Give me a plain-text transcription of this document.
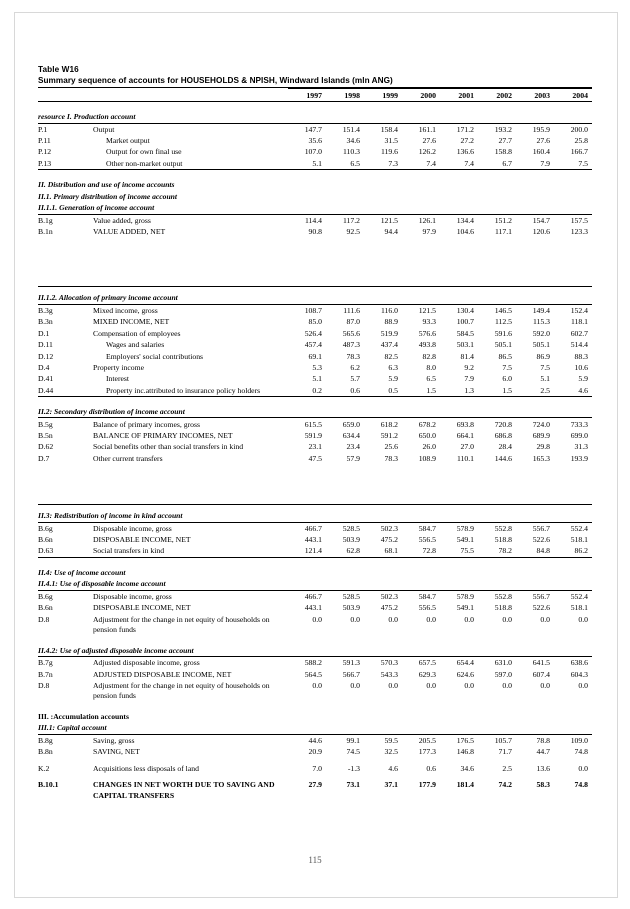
Table W16
Summary sequence of accounts for HOUSEHOLDS & NPISH, Windward Islands (mln ANG)
		1997	1998	1999	2000	2001	2002	2003	2004

resource I. Production account									
P.1	Output	147.7	151.4	158.4	161.1	171.2	193.2	195.9	200.0
P.11	Market output	35.6	34.6	31.5	27.6	27.2	27.7	27.6	25.8
P.12	Output for own final use	107.0	110.3	119.6	126.2	136.6	158.8	160.4	166.7
P.13	Other non-market output	5.1	6.5	7.3	7.4	7.4	6.7	7.9	7.5

II. Distribution and use of income accounts									
II.1. Primary distribution of income account									
II.1.1. Generation of income account									
B.1g	Value added, gross	114.4	117.2	121.5	126.1	134.4	151.2	154.7	157.5
B.1n	VALUE ADDED, NET	90.8	92.5	94.4	97.9	104.6	117.1	120.6	123.3

II.1.2. Allocation of primary income account									
B.3g	Mixed income, gross	108.7	111.6	116.0	121.5	130.4	146.5	149.4	152.4
B.3n	MIXED INCOME, NET	85.0	87.0	88.9	93.3	100.7	112.5	115.3	118.1
D.1	Compensation of employees	526.4	565.6	519.9	576.6	584.5	591.6	592.0	602.7
D.11	Wages and salaries	457.4	487.3	437.4	493.8	503.1	505.1	505.1	514.4
D.12	Employers' social contributions	69.1	78.3	82.5	82.8	81.4	86.5	86.9	88.3
D.4	Property income	5.3	6.2	6.3	8.0	9.2	7.5	7.5	10.6
D.41	Interest	5.1	5.7	5.9	6.5	7.9	6.0	5.1	5.9
D.44	Property inc.attributed to insurance policy holders	0.2	0.6	0.5	1.5	1.3	1.5	2.5	4.6

II.2: Secondary distribution of income account									
B.5g	Balance of primary incomes, gross	615.5	659.0	618.2	678.2	693.8	720.8	724.0	733.3
B.5n	BALANCE OF PRIMARY INCOMES, NET	591.9	634.4	591.2	650.0	664.1	686.8	689.9	699.0
D.62	Social benefits other than social transfers in kind	23.1	23.4	25.6	26.0	27.0	28.4	29.8	31.3
D.7	Other current transfers	47.5	57.9	78.3	108.9	110.1	144.6	165.3	193.9

II.3: Redistribution of income in kind account									
B.6g	Disposable income, gross	466.7	528.5	502.3	584.7	578.9	552.8	556.7	552.4
B.6n	DISPOSABLE INCOME, NET	443.1	503.9	475.2	556.5	549.1	518.8	522.6	518.1
D.63	Social transfers in kind	121.4	62.8	68.1	72.8	75.5	78.2	84.8	86.2

II.4: Use of income account									
II.4.1: Use of disposable income account									
B.6g	Disposable income, gross	466.7	528.5	502.3	584.7	578.9	552.8	556.7	552.4
B.6n	DISPOSABLE INCOME, NET	443.1	503.9	475.2	556.5	549.1	518.8	522.6	518.1
D.8	Adjustment for the change in net equity of households on	0.0	0.0	0.0	0.0	0.0	0.0	0.0	0.0
	pension funds								

II.4.2: Use of adjusted disposable income account									
B.7g	Adjusted disposable income, gross	588.2	591.3	570.3	657.5	654.4	631.0	641.5	638.6
B.7n	ADJUSTED DISPOSABLE INCOME, NET	564.5	566.7	543.3	629.3	624.6	597.0	607.4	604.3
D.8	Adjustment for the change in net equity of households on	0.0	0.0	0.0	0.0	0.0	0.0	0.0	0.0
	pension funds								

III. :Accumulation accounts									
III.1: Capital account									
B.8g	Saving, gross	44.6	99.1	59.5	205.5	176.5	105.7	78.8	109.0
B.8n	SAVING, NET	20.9	74.5	32.5	177.3	146.8	71.7	44.7	74.8

K.2	Acquisitions less disposals of land	7.0	-1.3	4.6	0.6	34.6	2.5	13.6	0.0

B.10.1	CHANGES IN NET WORTH DUE TO SAVING AND	27.9	73.1	37.1	177.9	181.4	74.2	58.3	74.8
	CAPITAL TRANSFERS								
115
